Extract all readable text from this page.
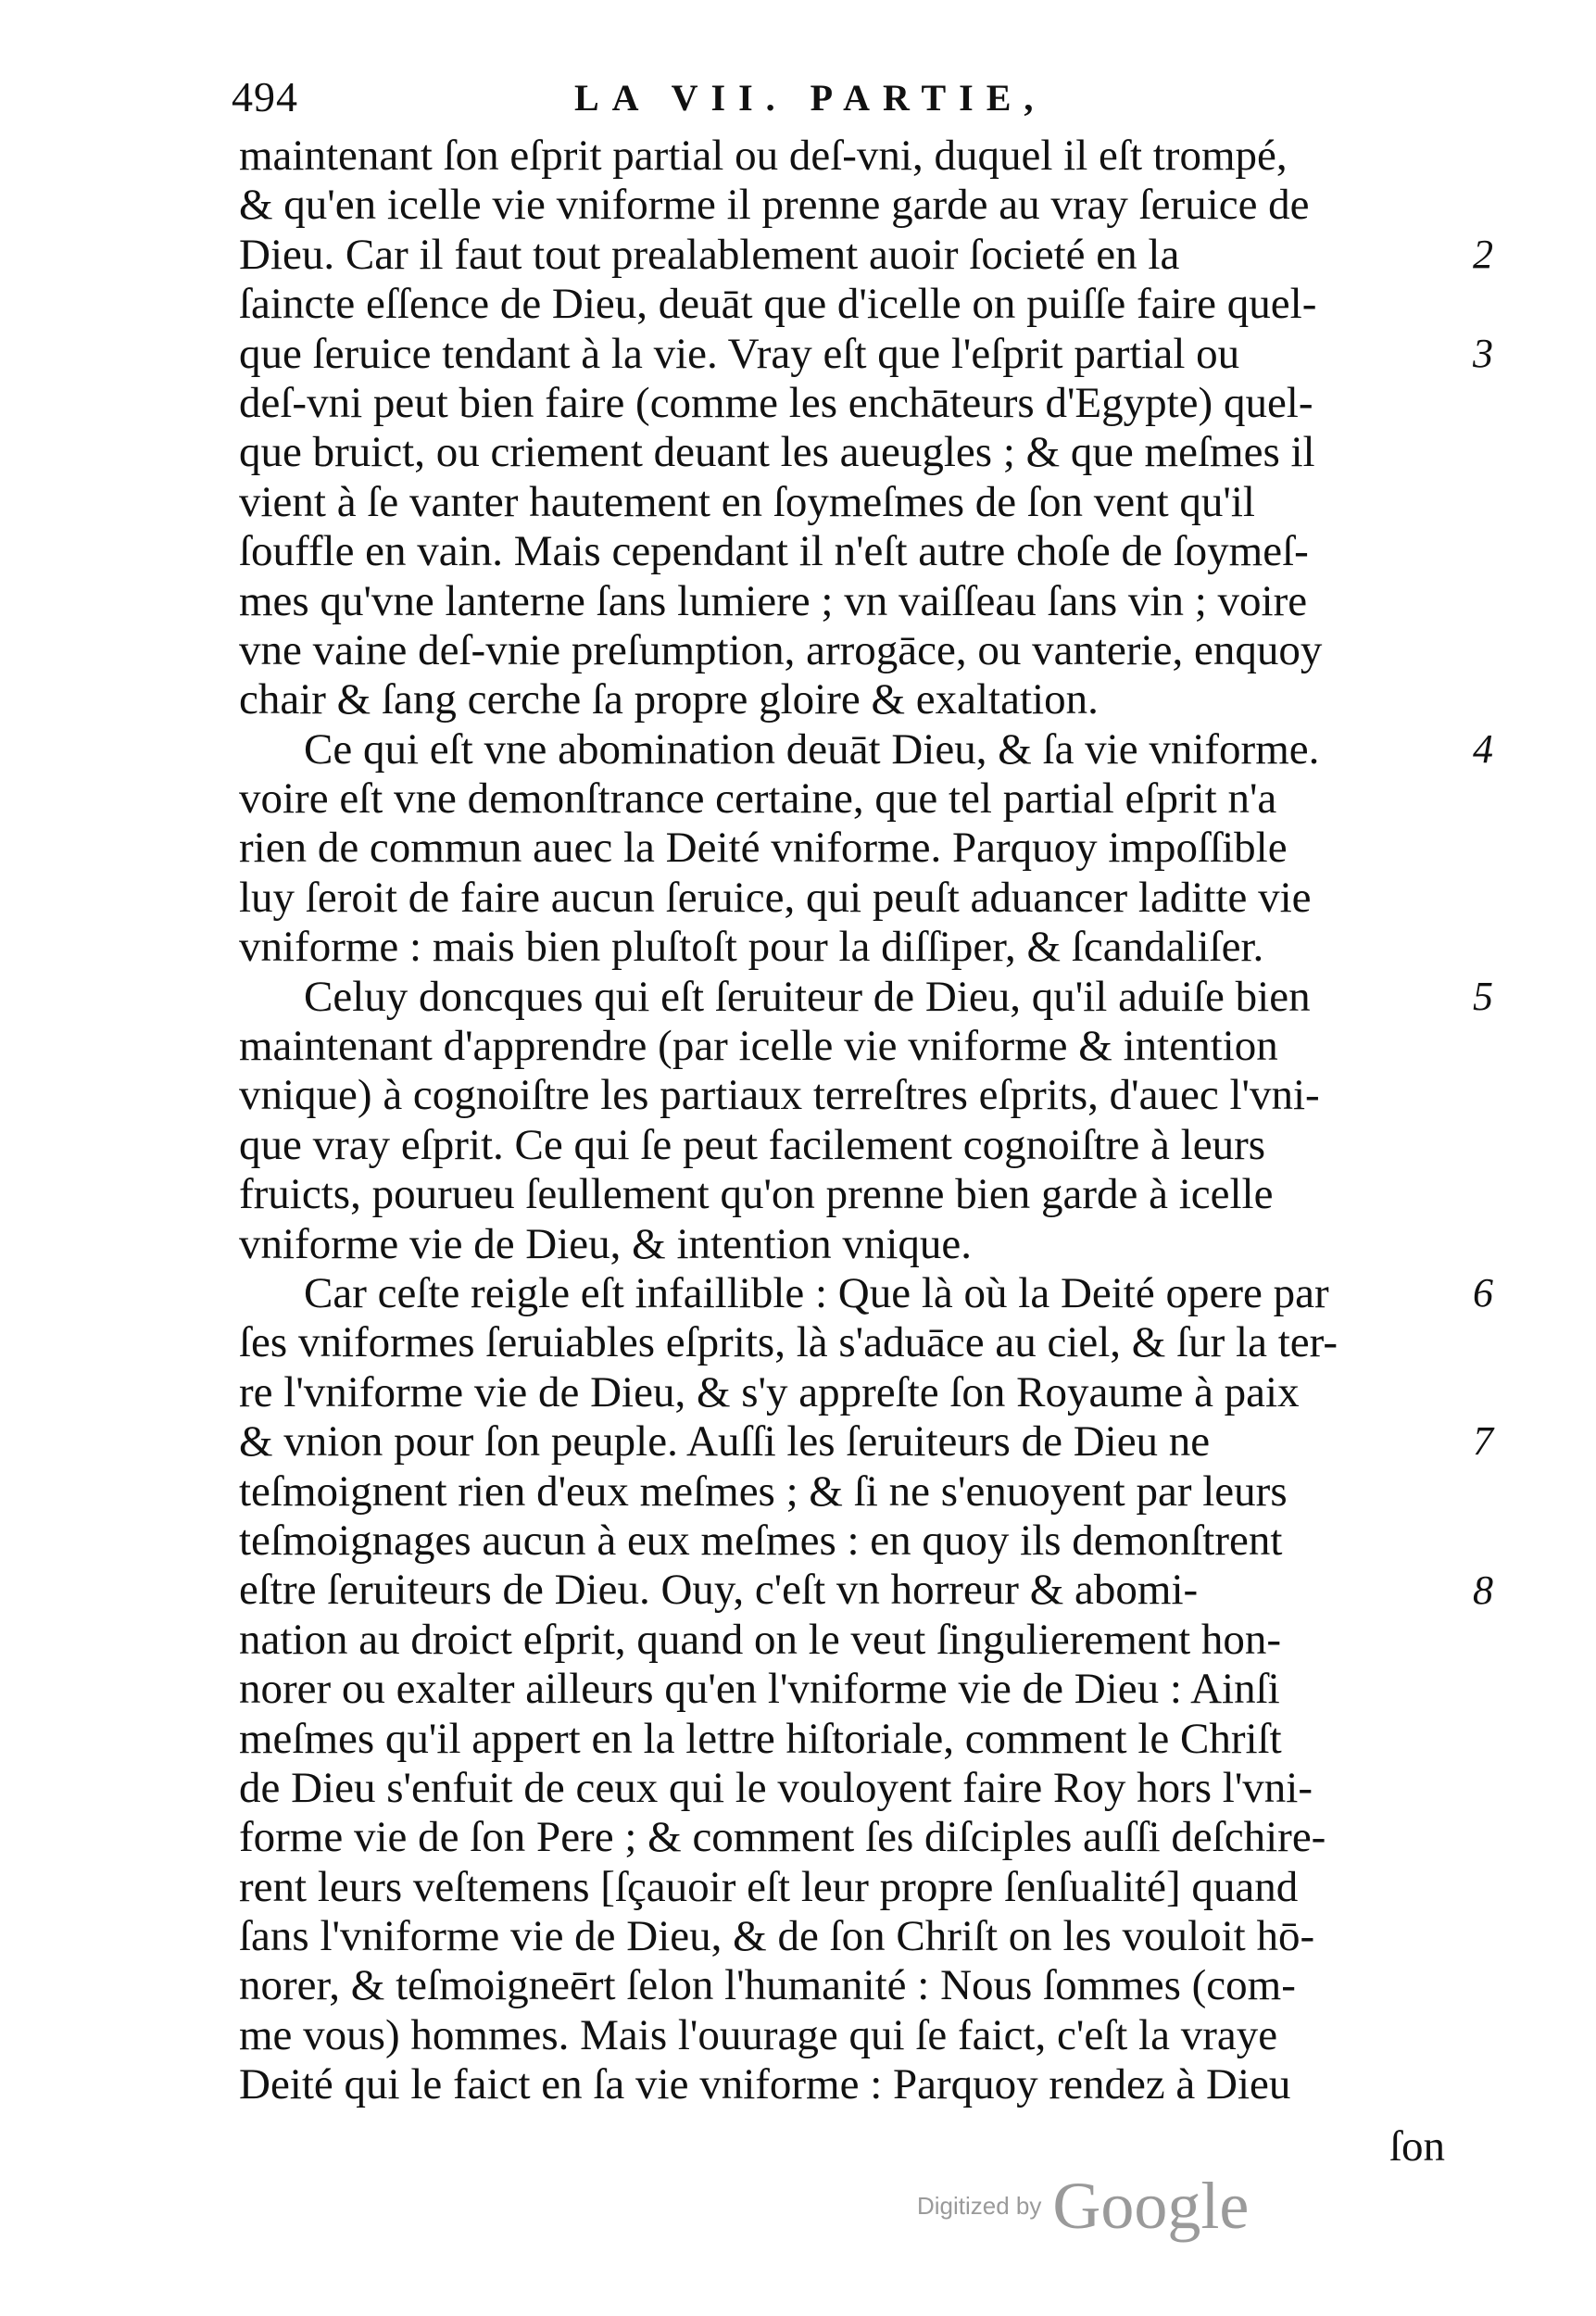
494	LA VII. PARTIE,
maintenant ſon eſprit partial ou deſ-vni, duquel il eſt trompé,
& qu'en icelle vie vniforme il prenne garde au vray ſeruice de
Dieu. Car il faut tout prealablement auoir ſocieté en la
ſaincte eſſence de Dieu, deuāt que d'icelle on puiſſe faire quel-
que ſeruice tendant à la vie. Vray eſt que l'eſprit partial ou
deſ-vni peut bien faire (comme les enchāteurs d'Egypte) quel-
que bruict, ou criement deuant les aueugles ; & que meſmes il
vient à ſe vanter hautement en ſoymeſmes de ſon vent qu'il
ſouffle en vain. Mais cependant il n'eſt autre choſe de ſoymeſ-
mes qu'vne lanterne ſans lumiere ; vn vaiſſeau ſans vin ; voire
vne vaine deſ-vnie preſumption, arrogāce, ou vanterie, enquoy
chair & ſang cerche ſa propre gloire & exaltation.
Ce qui eſt vne abomination deuāt Dieu, & ſa vie vniforme.
voire eſt vne demonſtrance certaine, que tel partial eſprit n'a
rien de commun auec la Deité vniforme. Parquoy impoſſible
luy ſeroit de faire aucun ſeruice, qui peuſt aduancer laditte vie
vniforme : mais bien pluſtoſt pour la diſſiper, & ſcandaliſer.
Celuy doncques qui eſt ſeruiteur de Dieu, qu'il aduiſe bien
maintenant d'apprendre (par icelle vie vniforme & intention
vnique) à cognoiſtre les partiaux terreſtres eſprits, d'auec l'vni-
que vray eſprit. Ce qui ſe peut facilement cognoiſtre à leurs
fruicts, pourueu ſeullement qu'on prenne bien garde à icelle
vniforme vie de Dieu, & intention vnique.
Car ceſte reigle eſt infaillible : Que là où la Deité opere par
ſes vniformes ſeruiables eſprits, là s'aduāce au ciel, & ſur la ter-
re l'vniforme vie de Dieu, & s'y appreſte ſon Royaume à paix
& vnion pour ſon peuple. Auſſi les ſeruiteurs de Dieu ne
teſmoignent rien d'eux meſmes ; & ſi ne s'enuoyent par leurs
teſmoignages aucun à eux meſmes : en quoy ils demonſtrent
eſtre ſeruiteurs de Dieu. Ouy, c'eſt vn horreur & abomi-
nation au droict eſprit, quand on le veut ſingulierement hon-
norer ou exalter ailleurs qu'en l'vniforme vie de Dieu : Ainſi
meſmes qu'il appert en la lettre hiſtoriale, comment le Chriſt
de Dieu s'enfuit de ceux qui le vouloyent faire Roy hors l'vni-
forme vie de ſon Pere ; & comment ſes diſciples auſſi deſchire-
rent leurs veſtemens [ſçauoir eſt leur propre ſenſualité] quand
ſans l'vniforme vie de Dieu, & de ſon Chriſt on les vouloit hō-
norer, & teſmoigneērt ſelon l'humanité : Nous ſommes (com-
me vous) hommes. Mais l'ouurage qui ſe faict, c'eſt la vraye
Deité qui le faict en ſa vie vniforme : Parquoy rendez à Dieu
2
3
4
5
6
7
8
ſon
Digitized by Google
